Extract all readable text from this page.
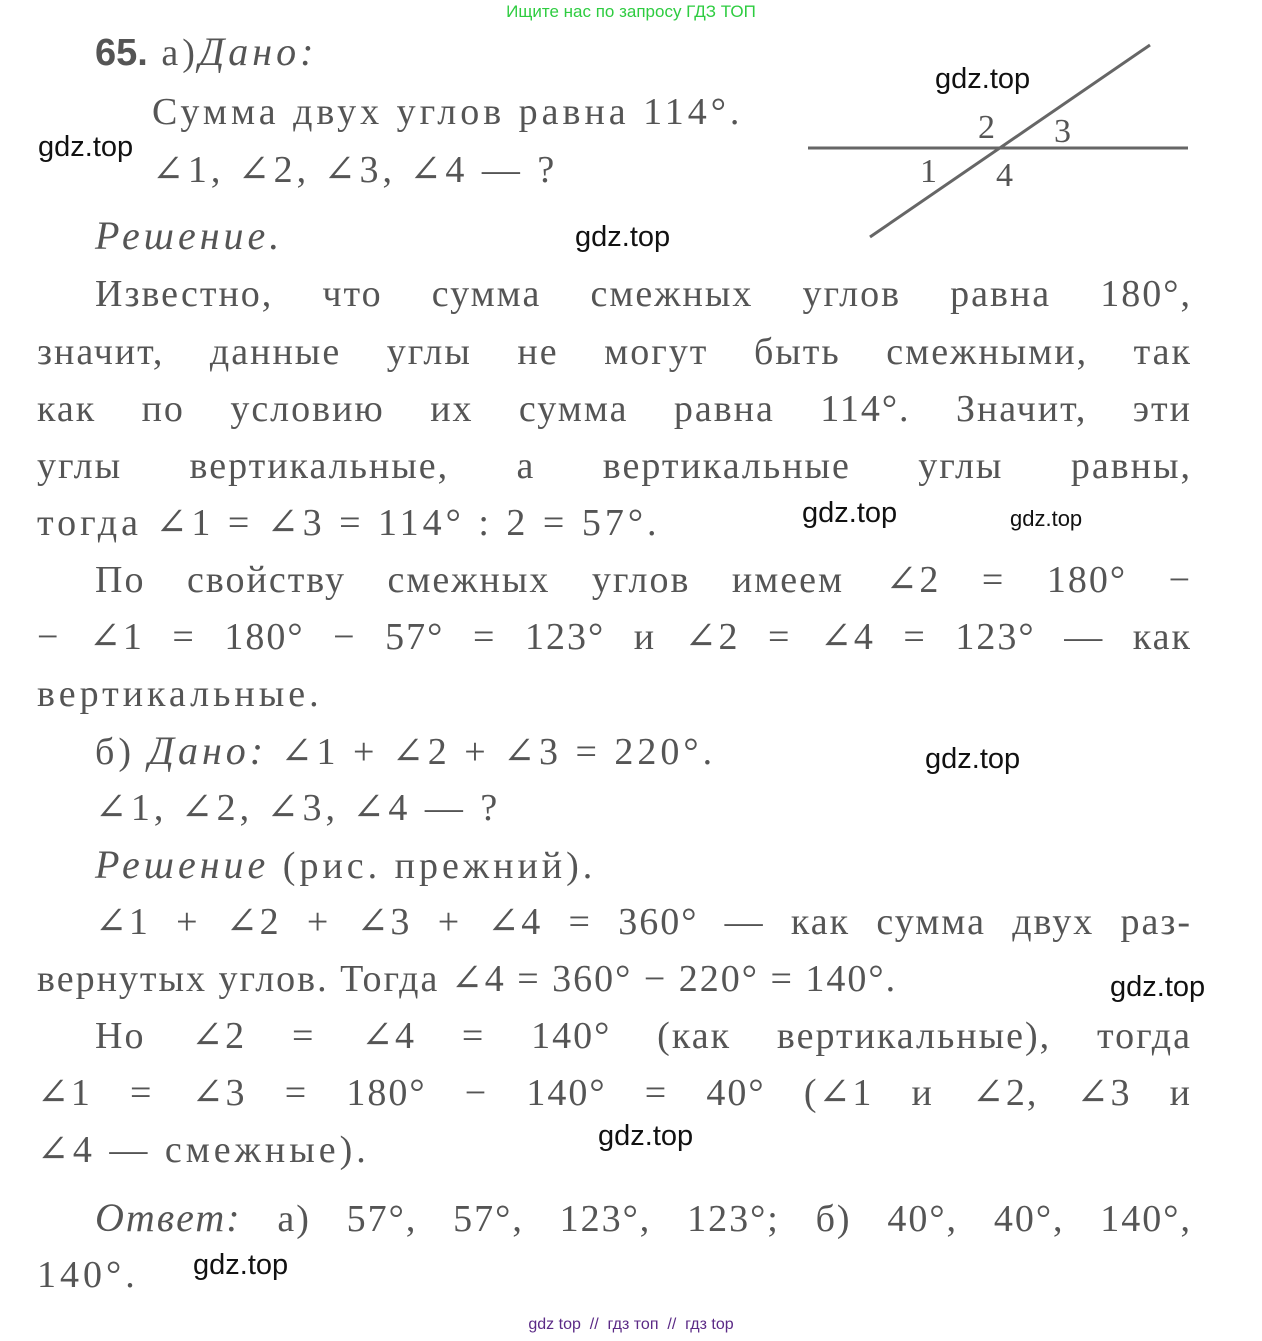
Ищите нас по запросу ГДЗ ТОП
2 3
1 4
65. а)Дано:
Сумма двух углов равна 114°.
∠1, ∠2, ∠3, ∠4 — ?
Решение.
Известно, что сумма смежных углов равна 180°,
значит, данные углы не могут быть смежными, так
как по условию их сумма равна 114°. Значит, эти
углы вертикальные, а вертикальные углы равны,
тогда ∠1 = ∠3 = 114° : 2 = 57°.
По свойству смежных углов имеем ∠2 = 180° −
− ∠1 = 180° − 57° = 123° и ∠2 = ∠4 = 123° — как
вертикальные.
б) Дано: ∠1 + ∠2 + ∠3 = 220°.
∠1, ∠2, ∠3, ∠4 — ?
Решение (рис. прежний).
∠1 + ∠2 + ∠3 + ∠4 = 360° — как сумма двух раз-
вернутых углов. Тогда ∠4 = 360° − 220° = 140°.
Но ∠2 = ∠4 = 140° (как вертикальные), тогда
∠1 = ∠3 = 180° − 140° = 40° (∠1 и ∠2, ∠3 и
∠4 — смежные).
Ответ: а) 57°, 57°, 123°, 123°; б) 40°, 40°, 140°,
140°.
gdz.top
gdz.top
gdz.top
gdz.top	gdz.top
gdz.top
gdz.top
gdz.top
gdz.top
gdz top  //  гдз топ  //  гдз top
